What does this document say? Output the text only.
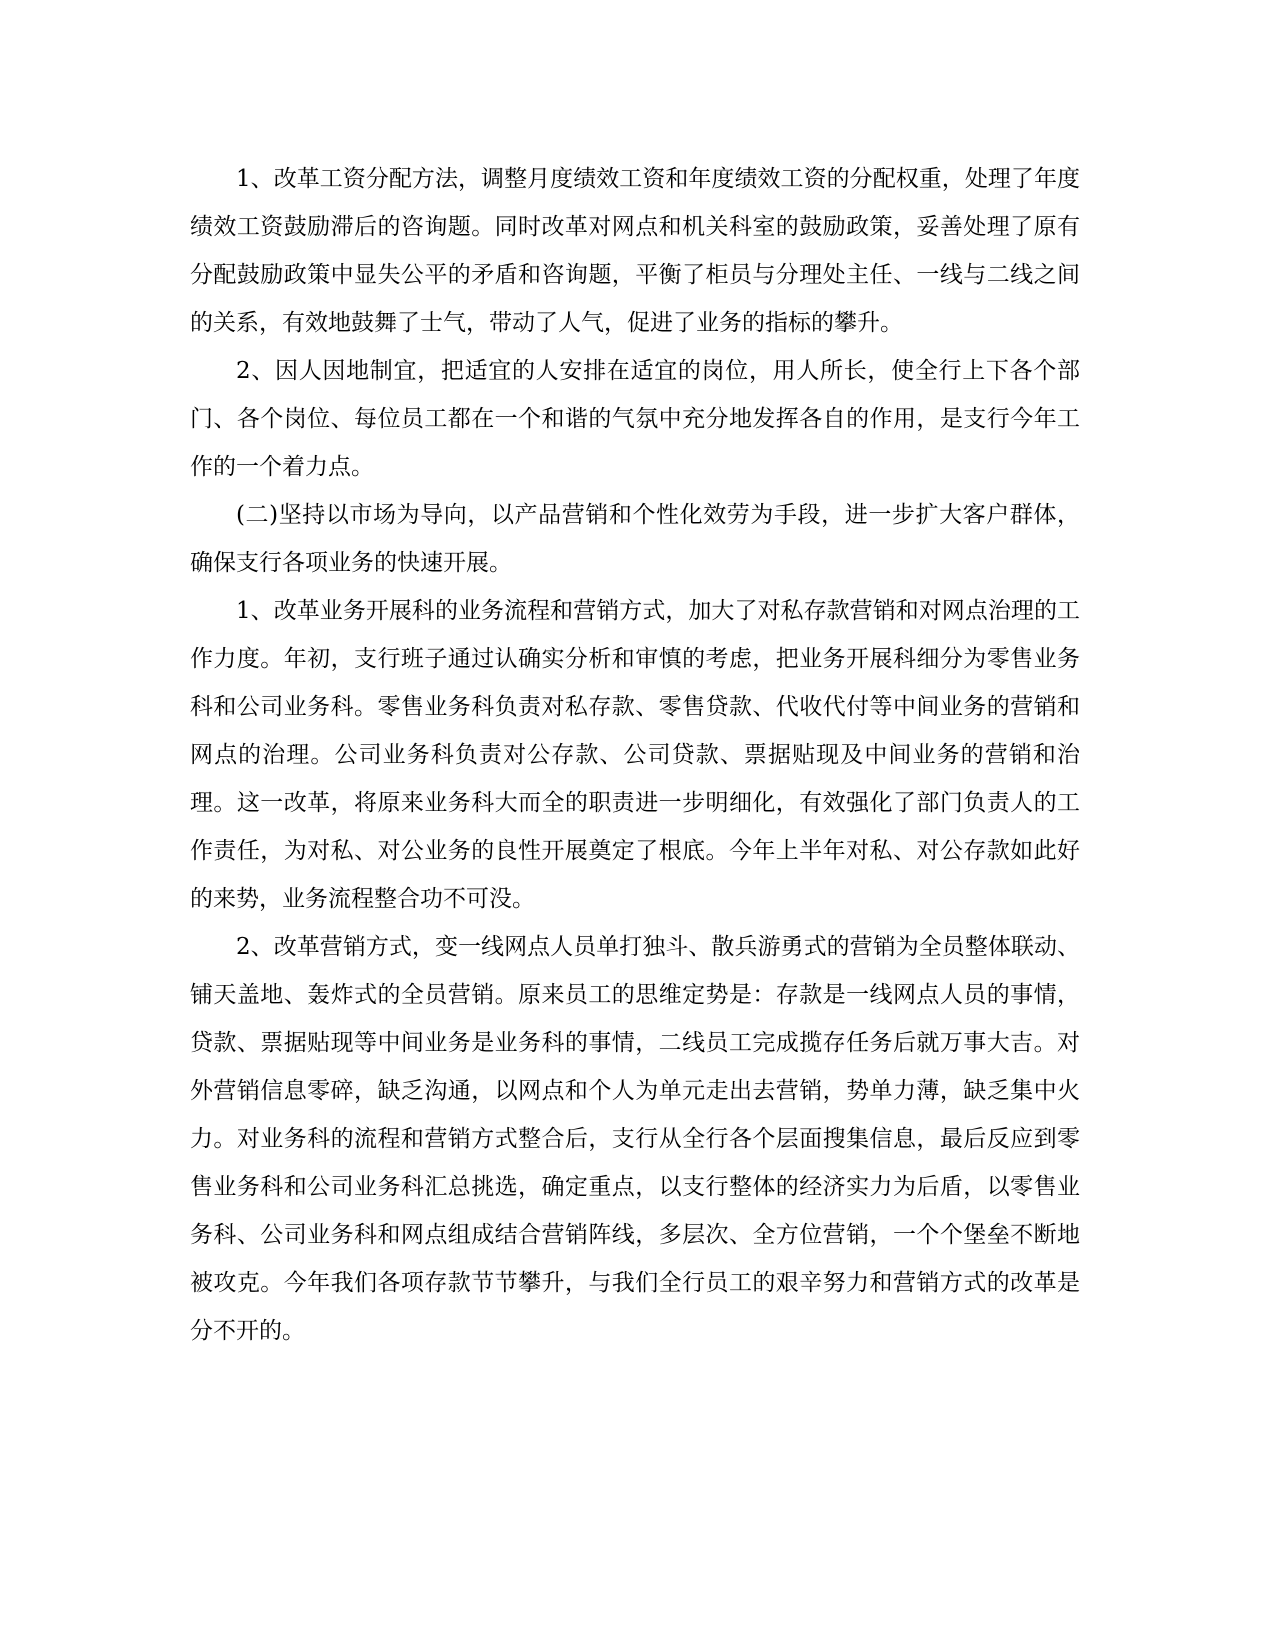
1、改革工资分配方法，调整月度绩效工资和年度绩效工资的分配权重，处理了年度绩效工资鼓励滞后的咨询题。同时改革对网点和机关科室的鼓励政策，妥善处理了原有分配鼓励政策中显失公平的矛盾和咨询题，平衡了柜员与分理处主任、一线与二线之间的关系，有效地鼓舞了士气，带动了人气，促进了业务的指标的攀升。

2、因人因地制宜，把适宜的人安排在适宜的岗位，用人所长，使全行上下各个部门、各个岗位、每位员工都在一个和谐的气氛中充分地发挥各自的作用，是支行今年工作的一个着力点。

(二)坚持以市场为导向，以产品营销和个性化效劳为手段，进一步扩大客户群体，确保支行各项业务的快速开展。

1、改革业务开展科的业务流程和营销方式，加大了对私存款营销和对网点治理的工作力度。年初，支行班子通过认确实分析和审慎的考虑，把业务开展科细分为零售业务科和公司业务科。零售业务科负责对私存款、零售贷款、代收代付等中间业务的营销和网点的治理。公司业务科负责对公存款、公司贷款、票据贴现及中间业务的营销和治理。这一改革，将原来业务科大而全的职责进一步明细化，有效强化了部门负责人的工作责任，为对私、对公业务的良性开展奠定了根底。今年上半年对私、对公存款如此好的来势，业务流程整合功不可没。

2、改革营销方式，变一线网点人员单打独斗、散兵游勇式的营销为全员整体联动、铺天盖地、轰炸式的全员营销。原来员工的思维定势是：存款是一线网点人员的事情，贷款、票据贴现等中间业务是业务科的事情，二线员工完成揽存任务后就万事大吉。对外营销信息零碎，缺乏沟通，以网点和个人为单元走出去营销，势单力薄，缺乏集中火力。对业务科的流程和营销方式整合后，支行从全行各个层面搜集信息，最后反应到零售业务科和公司业务科汇总挑选，确定重点，以支行整体的经济实力为后盾，以零售业务科、公司业务科和网点组成结合营销阵线，多层次、全方位营销，一个个堡垒不断地被攻克。今年我们各项存款节节攀升，与我们全行员工的艰辛努力和营销方式的改革是分不开的。
